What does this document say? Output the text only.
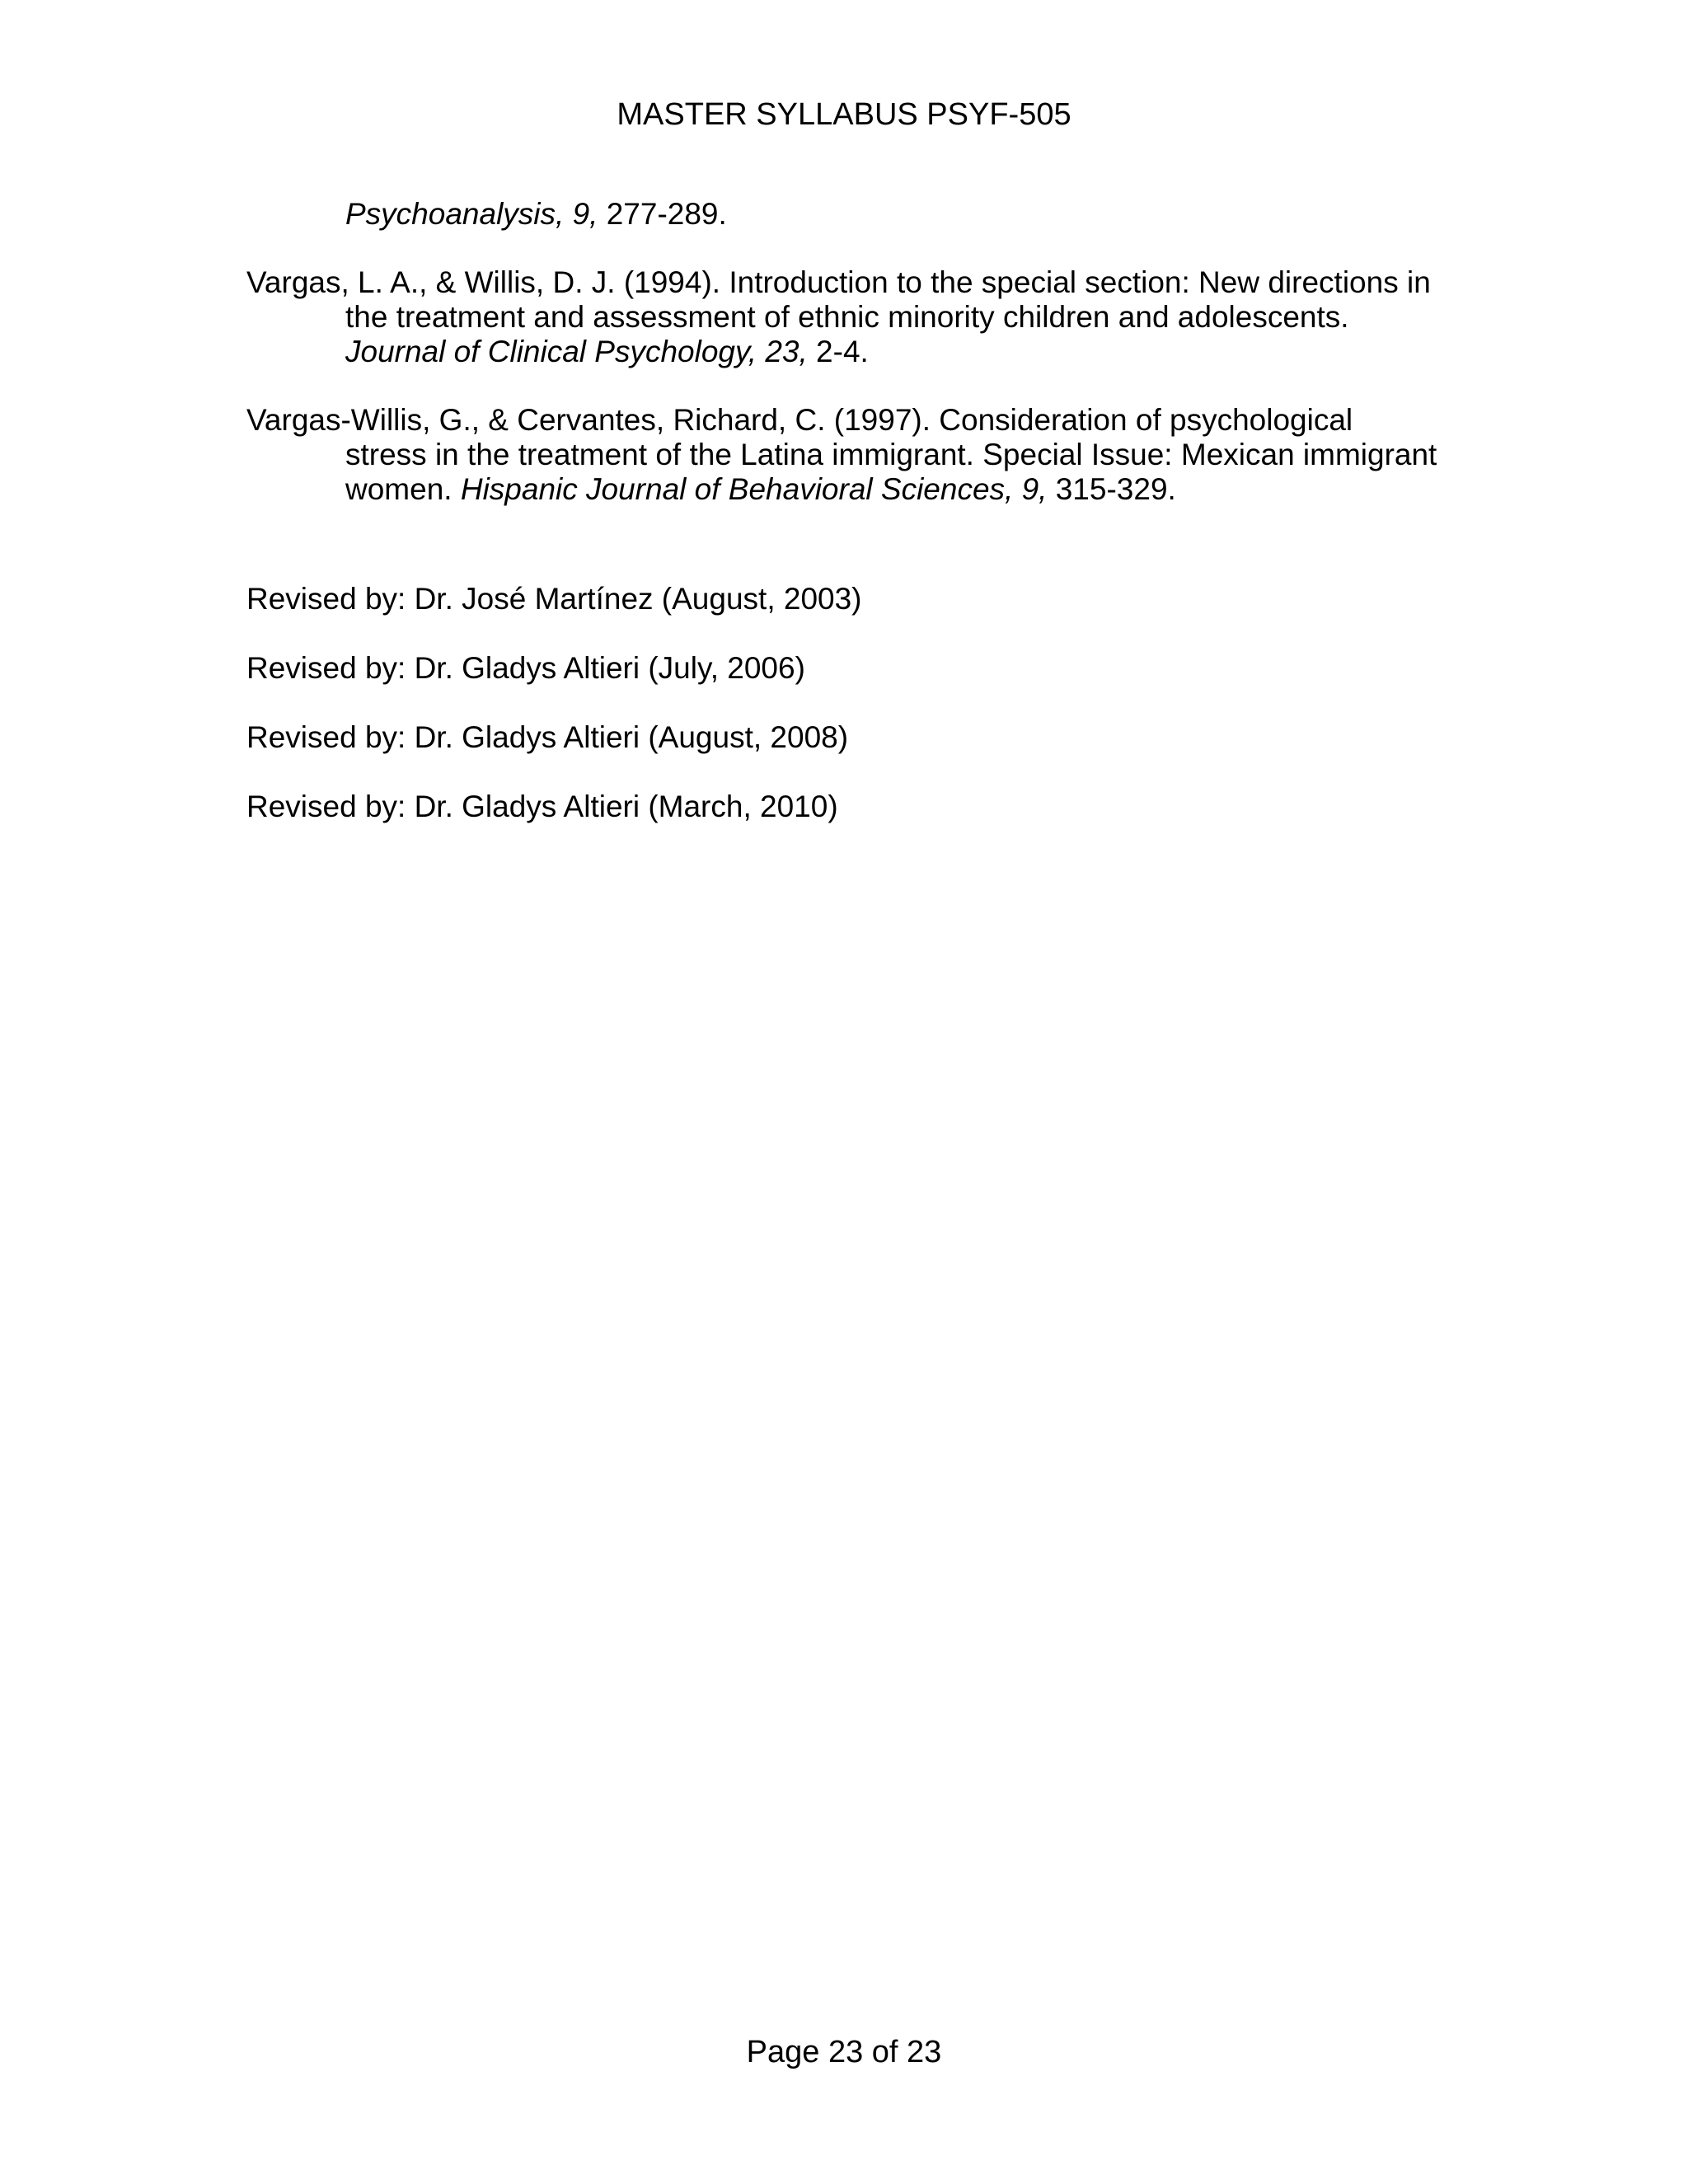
MASTER SYLLABUS PSYF-505
Psychoanalysis, 9, 277-289.
Vargas, L. A., & Willis, D. J. (1994). Introduction to the special section: New directions in
the treatment and assessment of ethnic minority children and adolescents.
Journal of Clinical Psychology, 23, 2-4.
Vargas-Willis, G., & Cervantes, Richard, C. (1997). Consideration of psychological
stress in the treatment of the Latina immigrant. Special Issue: Mexican immigrant
women. Hispanic Journal of Behavioral Sciences, 9, 315-329.
Revised by: Dr. José Martínez (August, 2003)
Revised by: Dr. Gladys Altieri (July, 2006)
Revised by: Dr. Gladys Altieri (August, 2008)
Revised by: Dr. Gladys Altieri (March, 2010)
Page 23 of 23
